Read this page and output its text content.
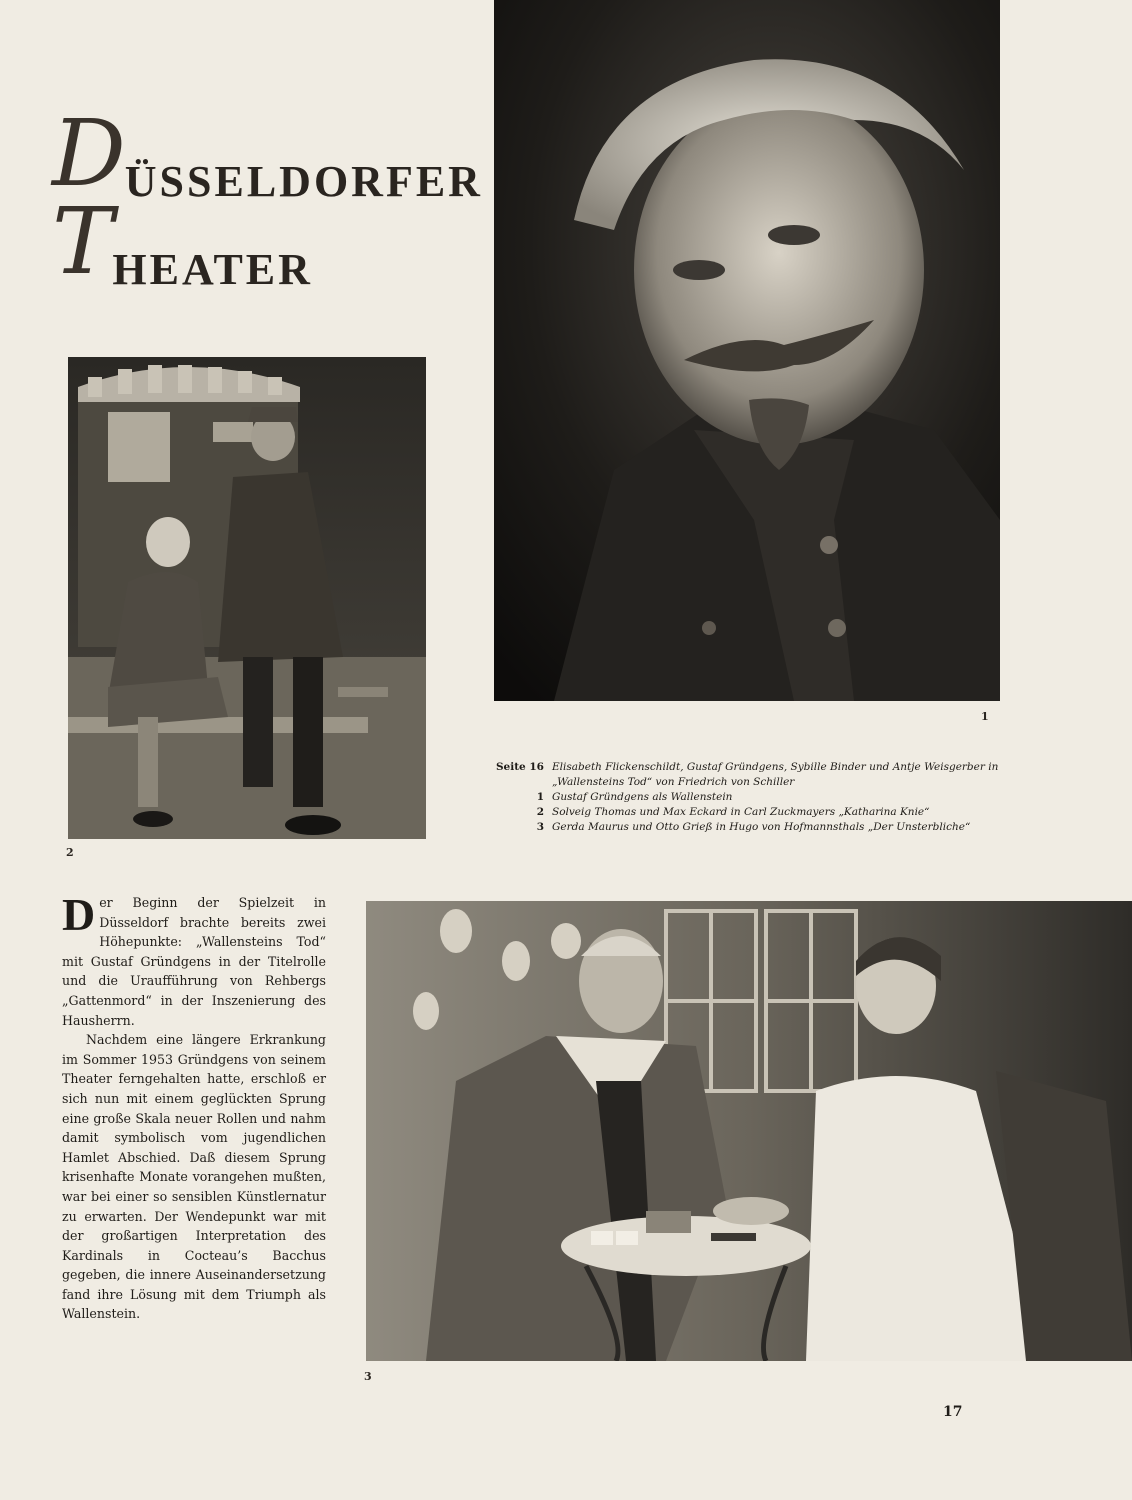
DÜSSELDORFER
THEATER
1
2
Seite 16 Elisabeth Flickenschildt, Gustaf Gründgens, Sybille Binder und Antje Weisgerber in „Wallensteins Tod“ von Friedrich von Schiller
1 Gustaf Gründgens als Wallenstein
2 Solveig Thomas und Max Eckard in Carl Zuckmayers „Katharina Knie“
3 Gerda Maurus und Otto Grieß in Hugo von Hofmannsthals „Der Unsterbliche“

Der Beginn der Spielzeit in Düsseldorf brachte bereits zwei Höhepunkte: „Wallensteins Tod“ mit Gustaf Gründgens in der Titelrolle und die Uraufführung von Rehbergs „Gattenmord“ in der Inszenierung des Hausherrn.

Nachdem eine längere Erkrankung im Sommer 1953 Gründgens von seinem Theater ferngehalten hatte, erschloß er sich nun mit einem geglückten Sprung eine große Skala neuer Rollen und nahm damit symbolisch vom jugendlichen Hamlet Abschied. Daß diesem Sprung krisenhafte Monate vorangehen mußten, war bei einer so sensiblen Künstlernatur zu erwarten. Der Wendepunkt war mit der großartigen Interpretation des Kardinals in Cocteau’s Bacchus gegeben, die innere Auseinandersetzung fand ihre Lösung mit dem Triumph als Wallenstein.

3
17
